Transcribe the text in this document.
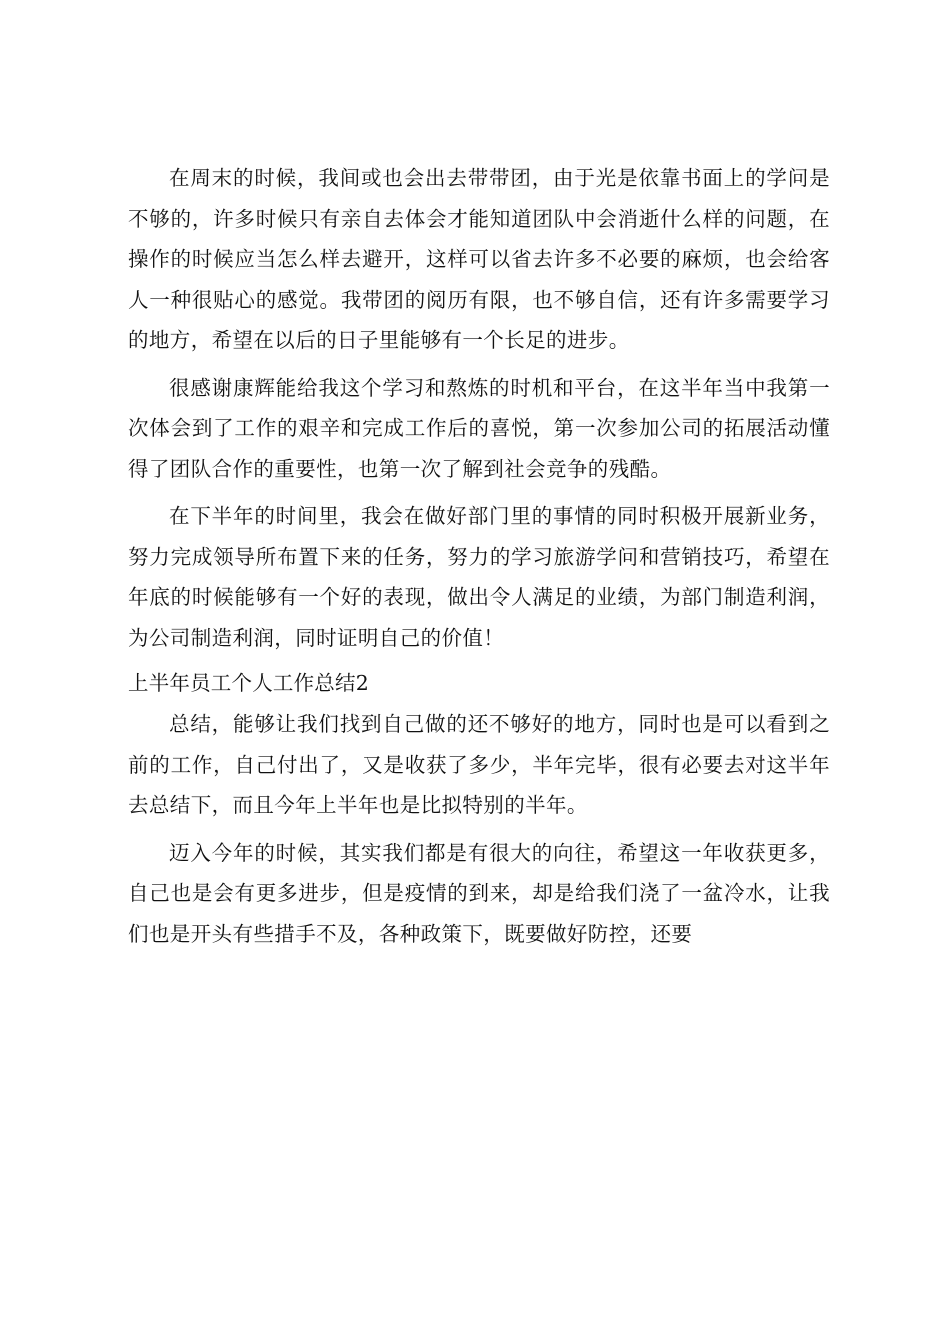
在周末的时候，我间或也会出去带带团，由于光是依靠书面上的学问是不够的，许多时候只有亲自去体会才能知道团队中会消逝什么样的问题，在操作的时候应当怎么样去避开，这样可以省去许多不必要的麻烦，也会给客人一种很贴心的感觉。我带团的阅历有限，也不够自信，还有许多需要学习的地方，希望在以后的日子里能够有一个长足的进步。

很感谢康辉能给我这个学习和熬炼的时机和平台，在这半年当中我第一次体会到了工作的艰辛和完成工作后的喜悦，第一次参加公司的拓展活动懂得了团队合作的重要性，也第一次了解到社会竞争的残酷。

在下半年的时间里，我会在做好部门里的事情的同时积极开展新业务，努力完成领导所布置下来的任务，努力的学习旅游学问和营销技巧，希望在年底的时候能够有一个好的表现，做出令人满足的业绩，为部门制造利润，为公司制造利润，同时证明自己的价值！

上半年员工个人工作总结2

总结，能够让我们找到自己做的还不够好的地方，同时也是可以看到之前的工作，自己付出了，又是收获了多少，半年完毕，很有必要去对这半年去总结下，而且今年上半年也是比拟特别的半年。

迈入今年的时候，其实我们都是有很大的向往，希望这一年收获更多，自己也是会有更多进步，但是疫情的到来，却是给我们浇了一盆冷水，让我们也是开头有些措手不及，各种政策下，既要做好防控，还要
